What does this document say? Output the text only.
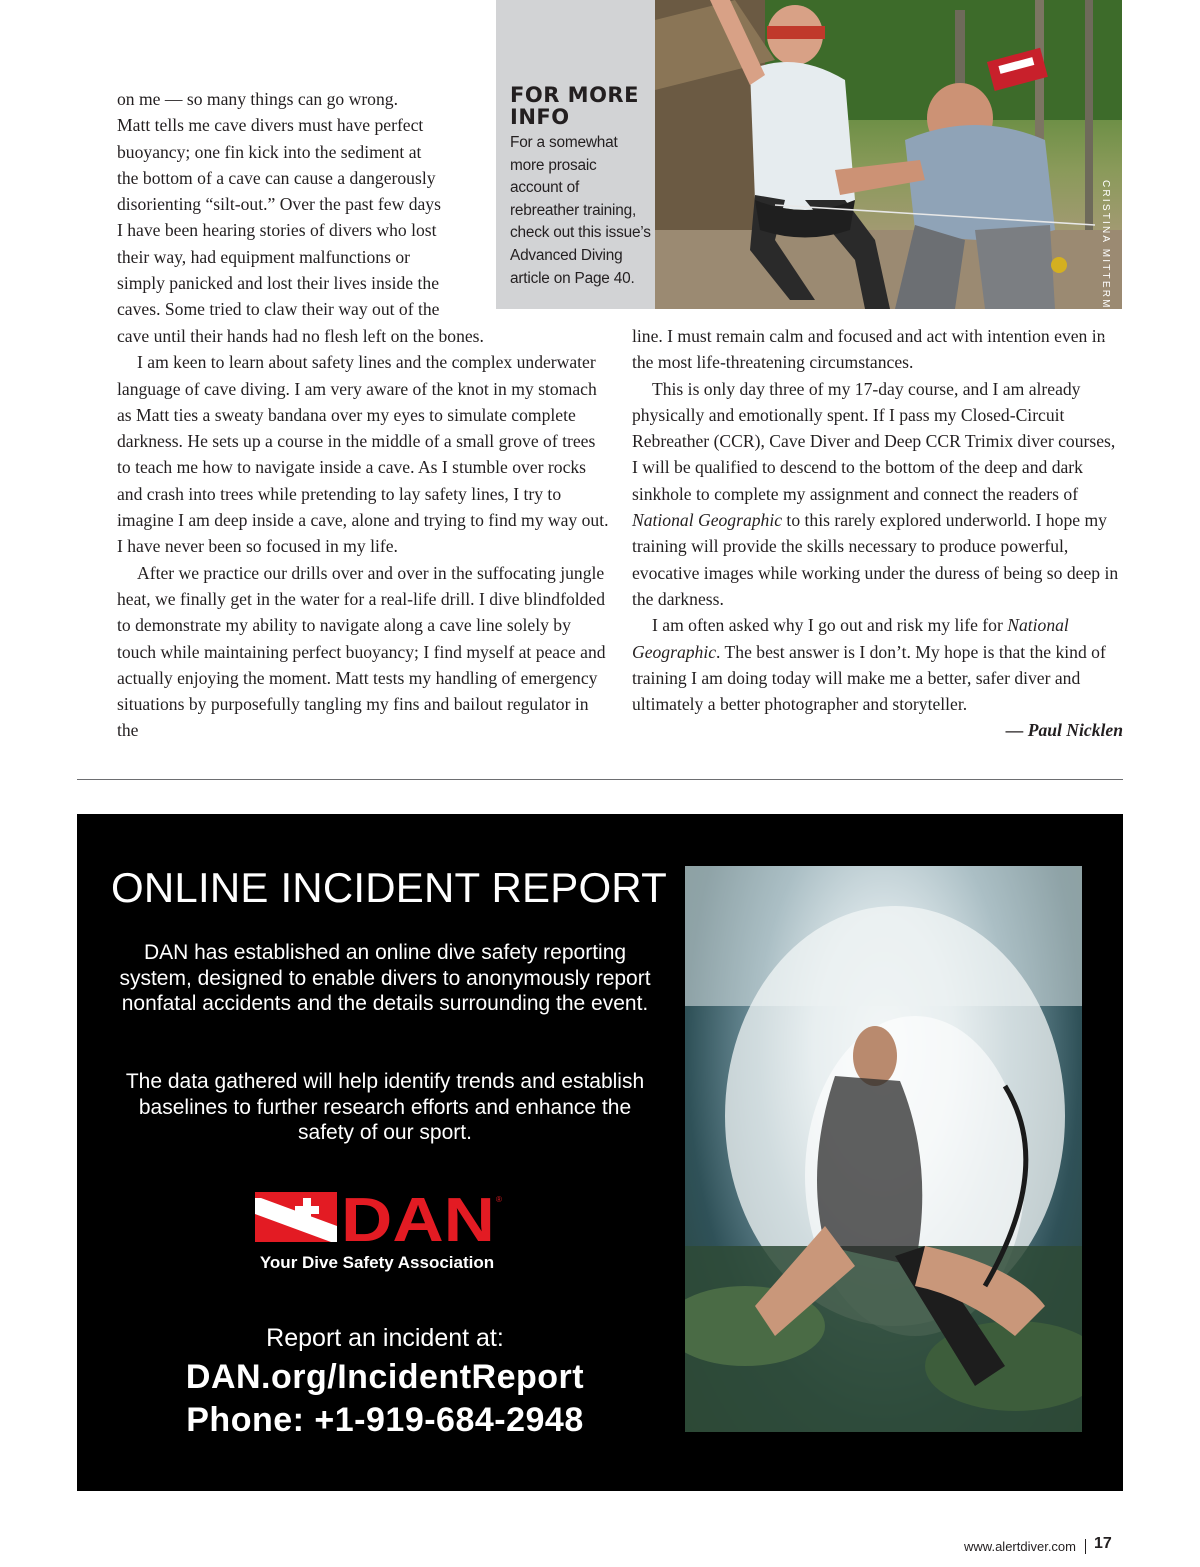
on me — so many things can go wrong.
Matt tells me cave divers must have perfect
buoyancy; one fin kick into the sediment at
the bottom of a cave can cause a dangerously
disorienting “silt-out.” Over the past few days
I have been hearing stories of divers who lost
their way, had equipment malfunctions or
simply panicked and lost their lives inside the
caves. Some tried to claw their way out of the

cave until their hands had no flesh left on the bones.

I am keen to learn about safety lines and the complex underwater language of cave diving. I am very aware of the knot in my stomach as Matt ties a sweaty bandana over my eyes to simulate complete darkness. He sets up a course in the middle of a small grove of trees to teach me how to navigate inside a cave. As I stumble over rocks and crash into trees while pretending to lay safety lines, I try to imagine I am deep inside a cave, alone and trying to find my way out. I have never been so focused in my life.

After we practice our drills over and over in the suffocating jungle heat, we finally get in the water for a real-life drill. I dive blindfolded to demonstrate my ability to navigate along a cave line solely by touch while maintaining perfect buoyancy; I find myself at peace and actually enjoying the moment. Matt tests my handling of emergency situations by purposefully tangling my fins and bailout regulator in the

line. I must remain calm and focused and act with intention even in the most life-threatening circumstances.

This is only day three of my 17-day course, and I am already physically and emotionally spent. If I pass my Closed-Circuit Rebreather (CCR), Cave Diver and Deep CCR Trimix diver courses, I will be qualified to descend to the bottom of the deep and dark sinkhole to complete my assignment and connect the readers of National Geographic to this rarely explored underworld. I hope my training will provide the skills necessary to produce powerful, evocative images while working under the duress of being so deep in the darkness.

I am often asked why I go out and risk my life for National Geographic. The best answer is I don’t. My hope is that the kind of training I am doing today will make me a better, safer diver and ultimately a better photographer and storyteller.

— Paul Nicklen

FOR MORE INFO
For a somewhat more prosaic account of rebreather training, check out this issue’s Advanced Diving article on Page 40.
ONLINE INCIDENT REPORT

DAN has established an online dive safety reporting system, designed to enable divers to anonymously report nonfatal accidents and the details surrounding the event.

The data gathered will help identify trends and establish baselines to further research efforts and enhance the safety of our sport.

DAN ®
Your Dive Safety Association
Report an incident at:
DAN.org/IncidentReport
Phone: +1-919-684-2948
www.alertdiver.com 17
